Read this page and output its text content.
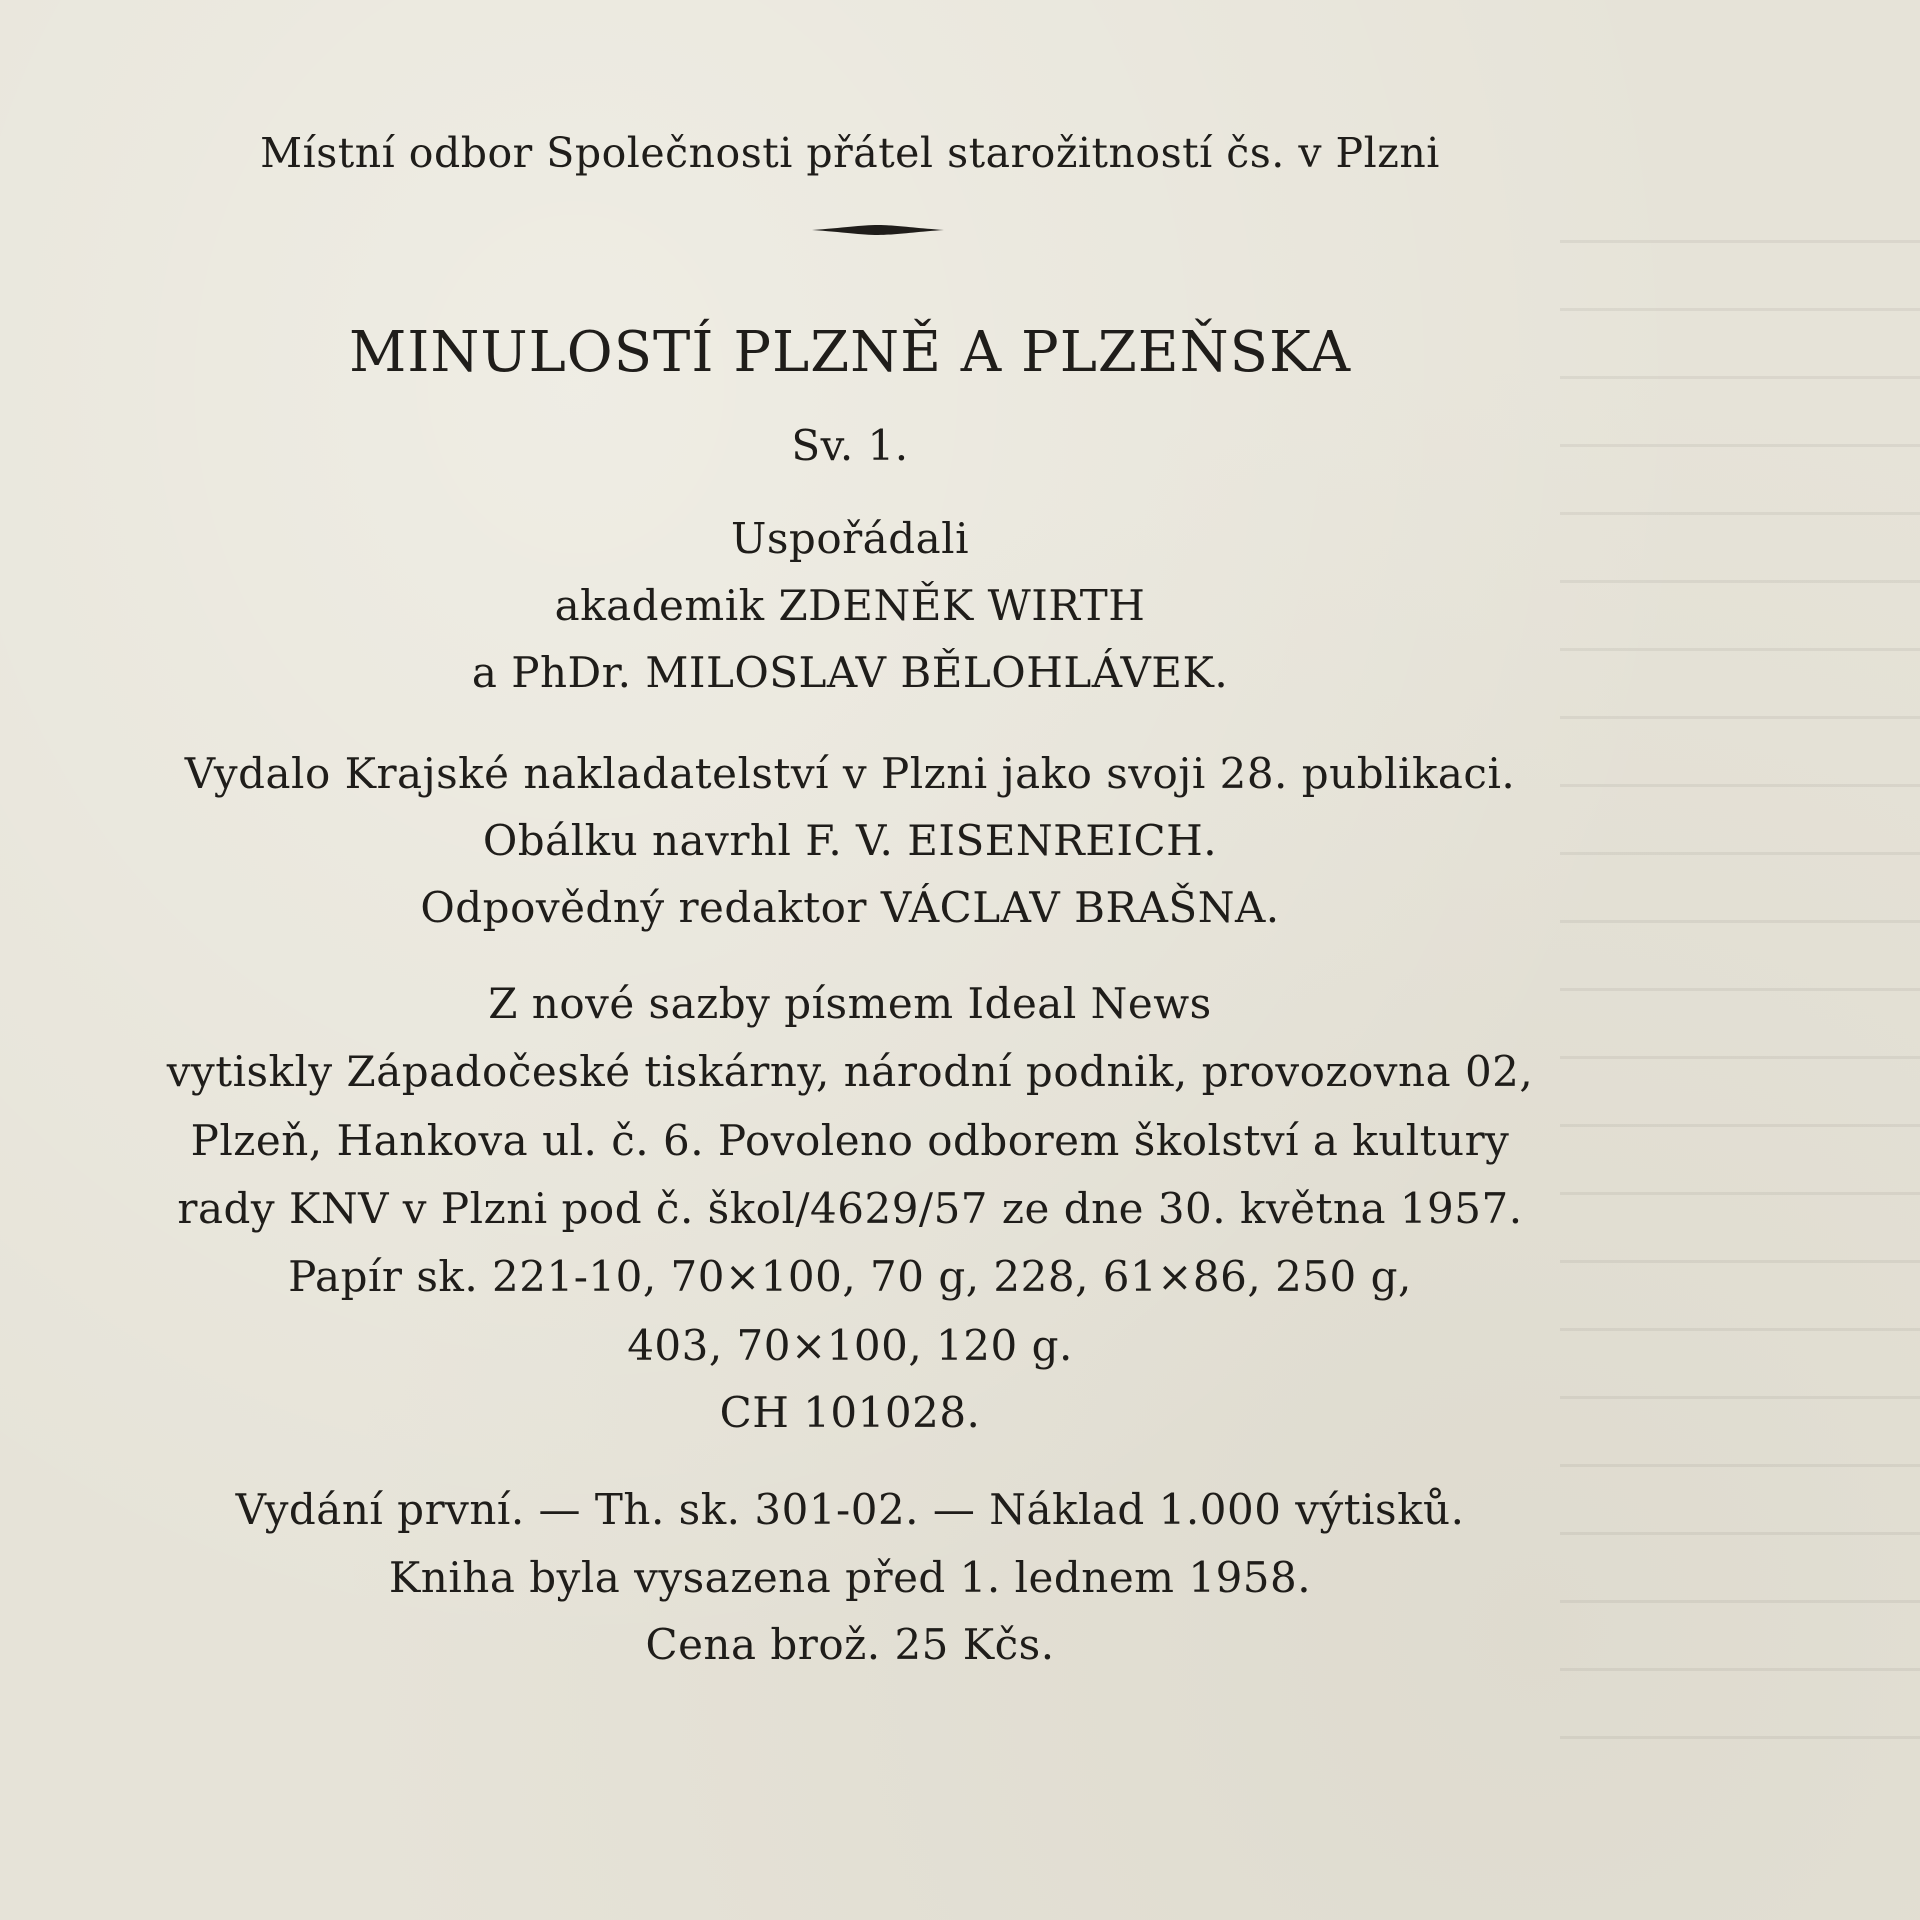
Místní odbor Společnosti přátel starožitností čs. v Plzni
MINULOSTÍ PLZNĚ A PLZEŇSKA
Sv. 1.
Uspořádali
akademik ZDENĚK WIRTH
a PhDr. MILOSLAV BĚLOHLÁVEK.
Vydalo Krajské nakladatelství v Plzni jako svoji 28. publikaci.
Obálku navrhl F. V. EISENREICH.
Odpovědný redaktor VÁCLAV BRAŠNA.
Z nové sazby písmem Ideal News
vytiskly Západočeské tiskárny, národní podnik, provozovna 02,
Plzeň, Hankova ul. č. 6. Povoleno odborem školství a kultury
rady KNV v Plzni pod č. škol/4629/57 ze dne 30. května 1957.
Papír sk. 221-10, 70×100, 70 g, 228, 61×86, 250 g,
403, 70×100, 120 g.
CH 101028.
Vydání první. — Th. sk. 301-02. — Náklad 1.000 výtisků.
Kniha byla vysazena před 1. lednem 1958.
Cena brož. 25 Kčs.
